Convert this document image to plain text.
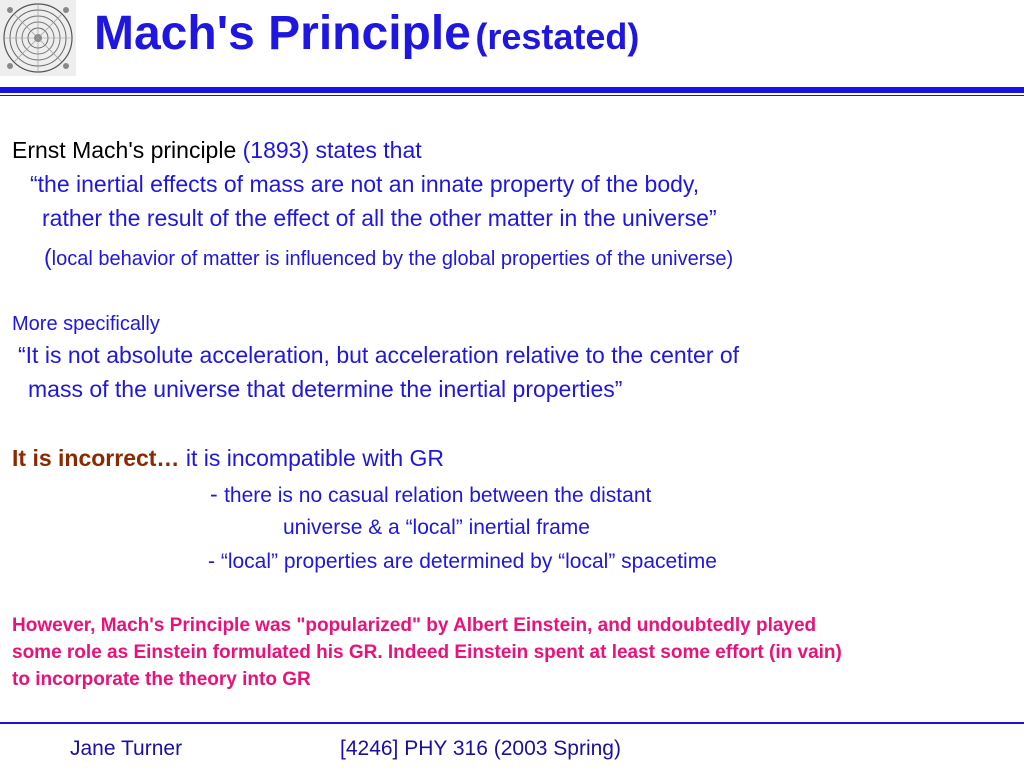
Mach's Principle (restated)
Ernst Mach's principle (1893) states that
“the inertial effects of mass are not an innate property of the body,
rather the result of the effect of all the other matter in the universe”
(local behavior of matter is influenced by the global properties of the universe)
More specifically
“It is not absolute acceleration, but acceleration relative to the center of
mass of the universe that determine the inertial properties”
It is incorrect… it is incompatible with GR
- there is no casual relation between the distant
universe & a “local” inertial frame
- “local” properties are determined by “local” spacetime
However, Mach's Principle was "popularized" by Albert Einstein, and undoubtedly played
some role as Einstein formulated his GR. Indeed Einstein spent at least some effort (in vain)
to incorporate the theory into GR
Jane Turner	[4246] PHY 316 (2003 Spring)
